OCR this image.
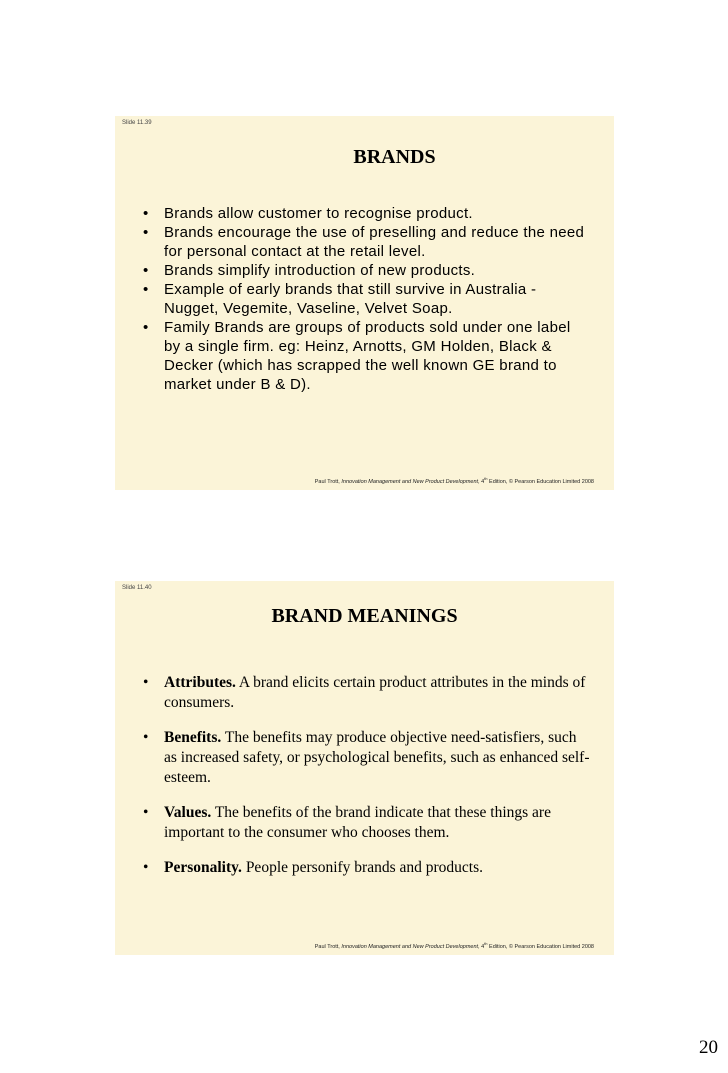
Slide 11.39
BRANDS
• Brands allow customer to recognise product.
• Brands encourage the use of preselling and reduce the need for personal contact at the retail level.
• Brands simplify introduction of new products.
• Example of early brands that still survive in Australia - Nugget, Vegemite, Vaseline, Velvet Soap.
• Family Brands are groups of products sold under one label by a single firm. eg: Heinz, Arnotts, GM Holden, Black & Decker (which has scrapped the well known GE brand to market under B & D).
Paul Trott, Innovation Management and New Product Development, 4th Edition, © Pearson Education Limited 2008
Slide 11.40
BRAND MEANINGS
• Attributes. A brand elicits certain product attributes in the minds of consumers.
• Benefits. The benefits may produce objective need-satisfiers, such as increased safety, or psychological benefits, such as enhanced self-esteem.
• Values. The benefits of the brand indicate that these things are important to the consumer who chooses them.
• Personality. People personify brands and products.
Paul Trott, Innovation Management and New Product Development, 4th Edition, © Pearson Education Limited 2008
20
